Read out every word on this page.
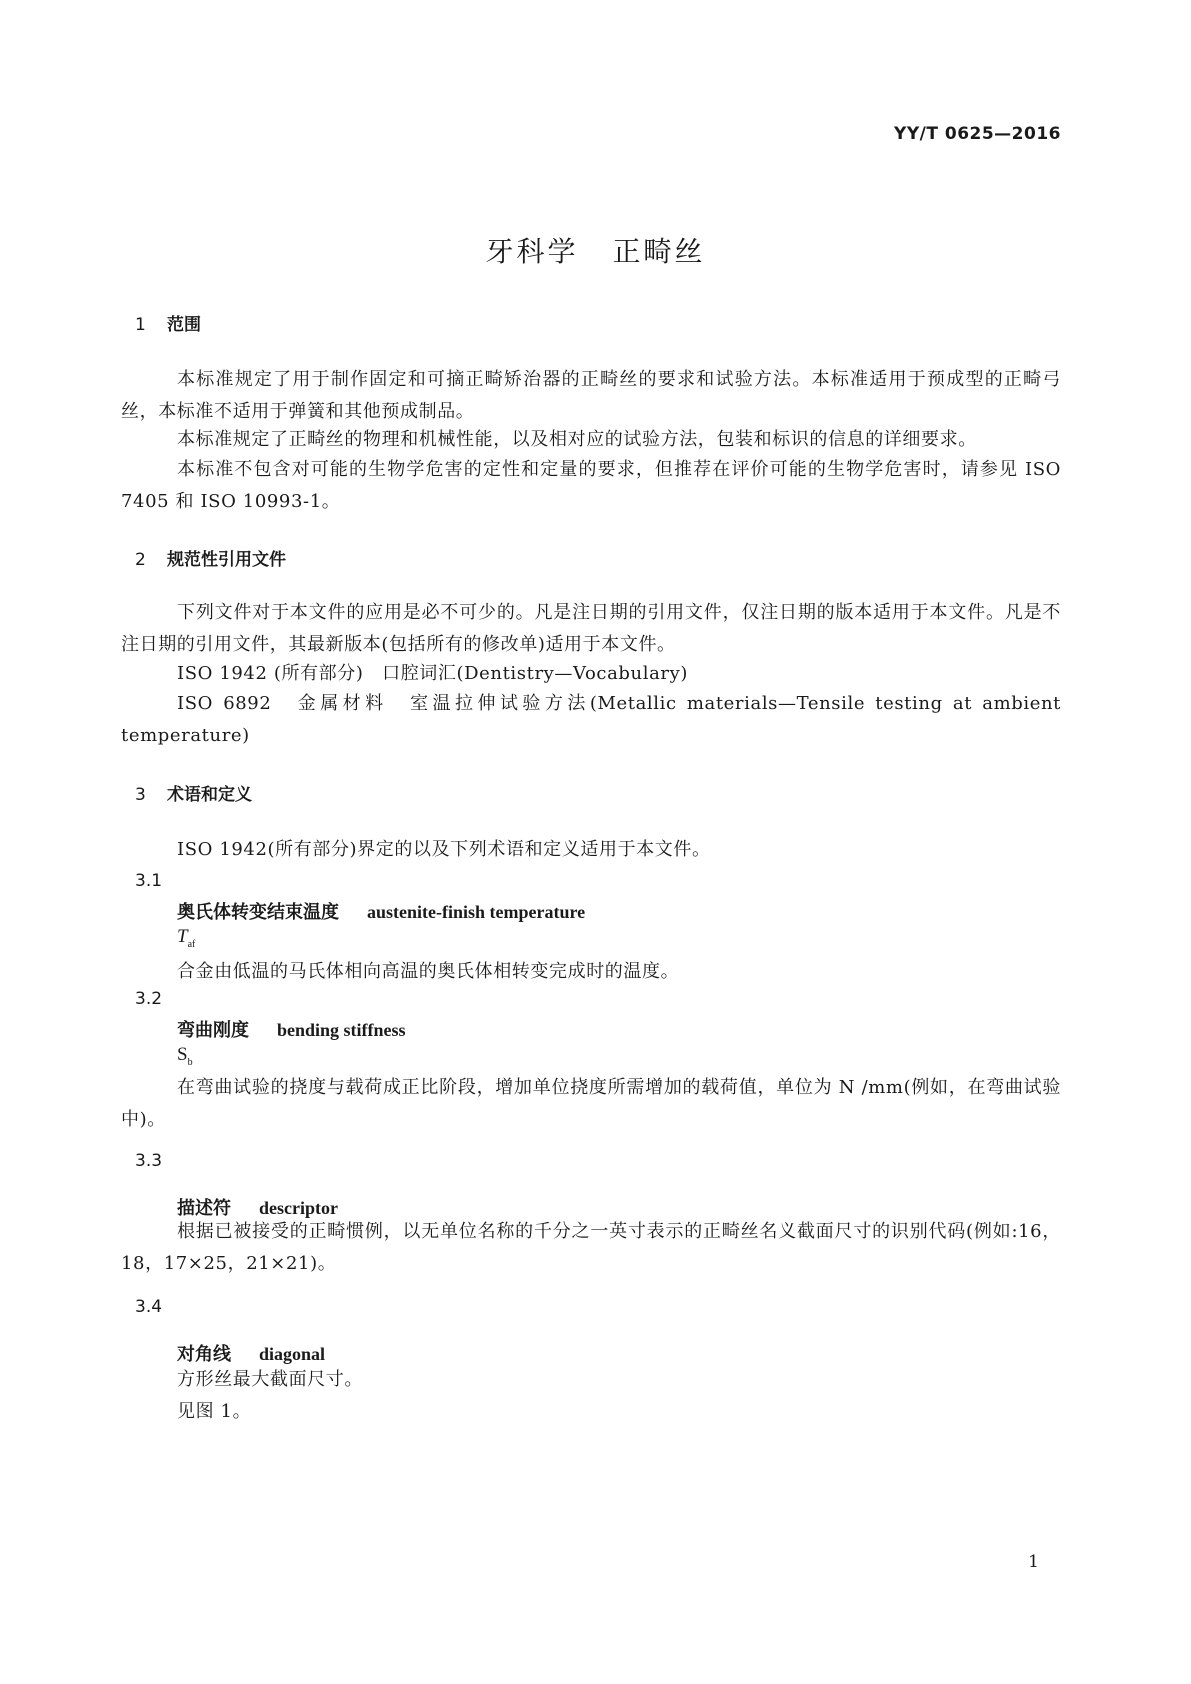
YY/T 0625—2016
牙科学 正畸丝
1 范围
本标准规定了用于制作固定和可摘正畸矫治器的正畸丝的要求和试验方法。本标准适用于预成型的正畸弓丝，本标准不适用于弹簧和其他预成制品。
本标准规定了正畸丝的物理和机械性能，以及相对应的试验方法，包装和标识的信息的详细要求。
本标准不包含对可能的生物学危害的定性和定量的要求，但推荐在评价可能的生物学危害时，请参见 ISO 7405 和 ISO 10993-1。
2 规范性引用文件
下列文件对于本文件的应用是必不可少的。凡是注日期的引用文件，仅注日期的版本适用于本文件。凡是不注日期的引用文件，其最新版本(包括所有的修改单)适用于本文件。
ISO 1942 (所有部分)　口腔词汇(Dentistry—Vocabulary)
ISO 6892　金属材料　室温拉伸试验方法(Metallic materials—Tensile testing at ambient temperature)
3 术语和定义
ISO 1942(所有部分)界定的以及下列术语和定义适用于本文件。
3.1
奥氏体转变结束温度 austenite-finish temperature
$T_{af}$
合金由低温的马氏体相向高温的奥氏体相转变完成时的温度。
3.2
弯曲刚度 bending stiffness
$S_b$
在弯曲试验的挠度与载荷成正比阶段，增加单位挠度所需增加的载荷值，单位为 N /mm(例如，在弯曲试验中)。
3.3
描述符 descriptor
根据已被接受的正畸惯例，以无单位名称的千分之一英寸表示的正畸丝名义截面尺寸的识别代码(例如:16，18，17×25，21×21)。
3.4
对角线 diagonal
方形丝最大截面尺寸。
见图 1。
1
